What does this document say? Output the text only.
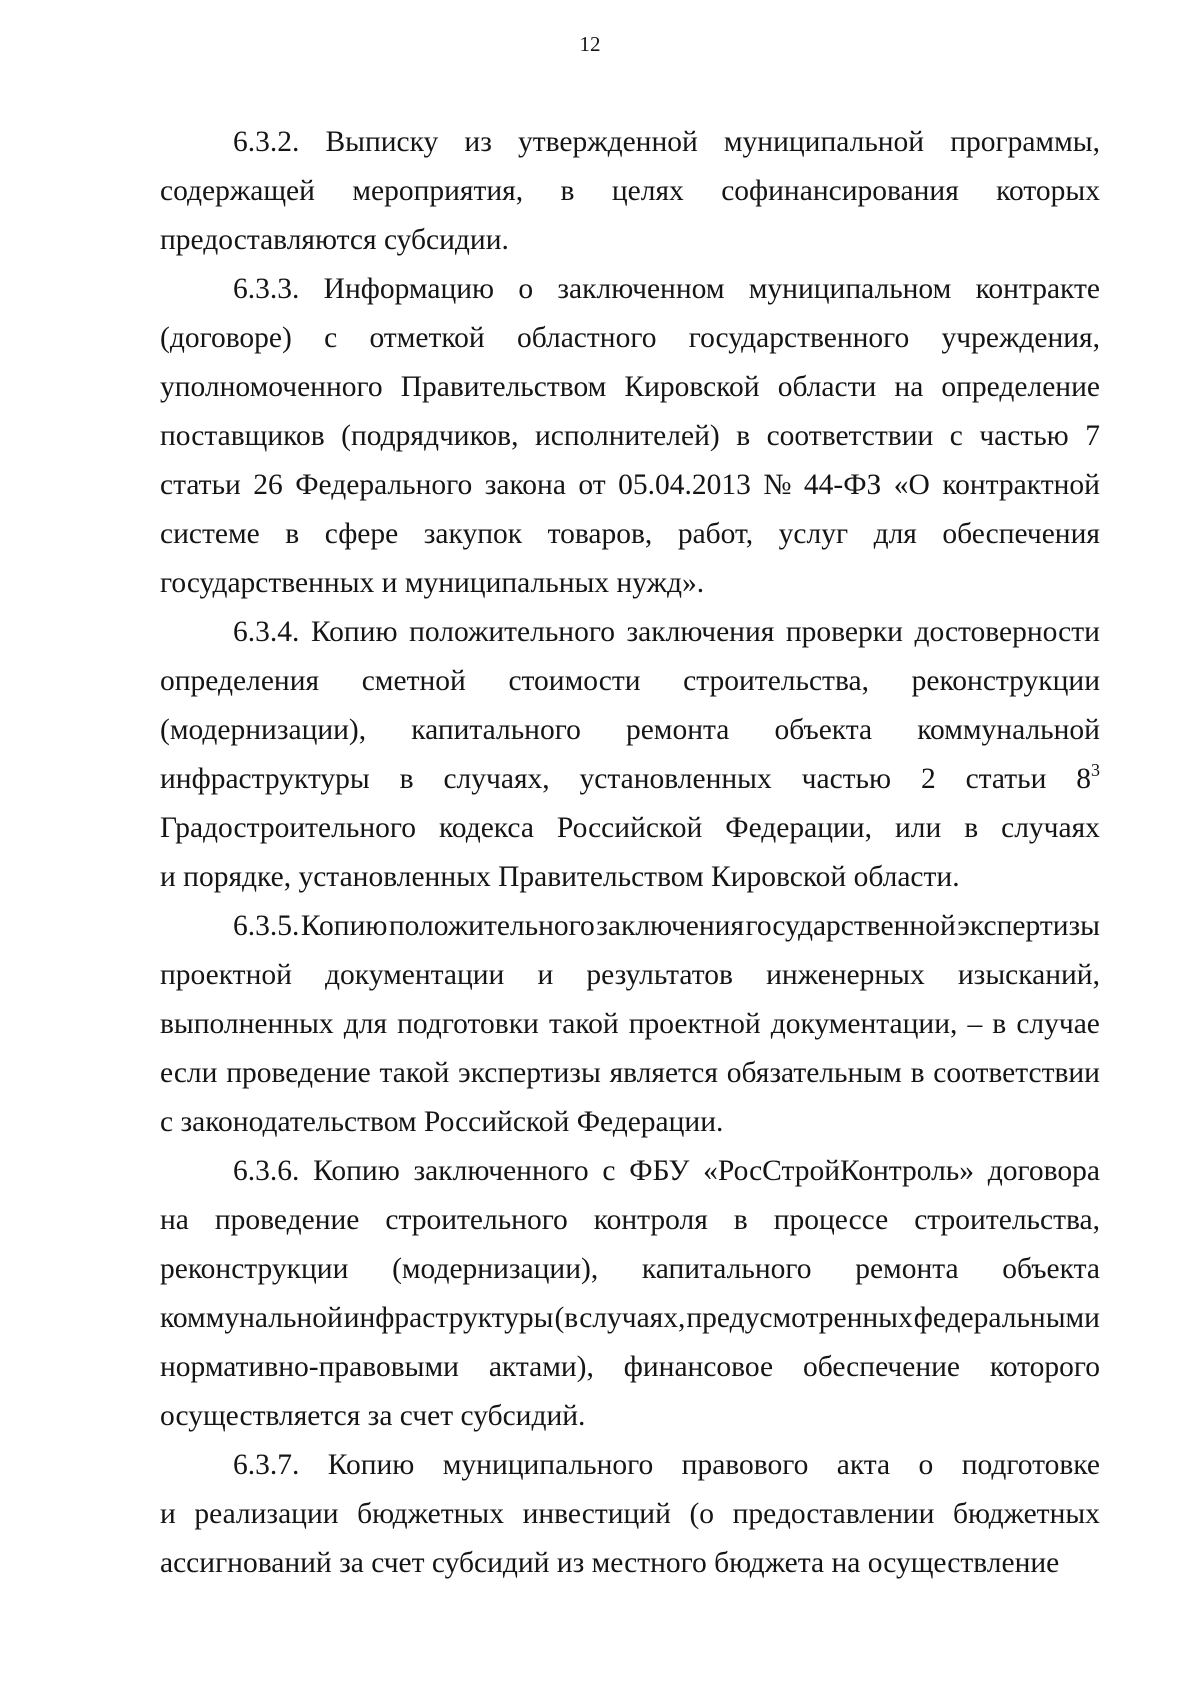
12
6.3.2. Выписку из утвержденной муниципальной программы,
содержащей мероприятия, в целях софинансирования которых
предоставляются субсидии.
6.3.3. Информацию о заключенном муниципальном контракте
(договоре) с отметкой областного государственного учреждения,
уполномоченного Правительством Кировской области на определение
поставщиков (подрядчиков, исполнителей) в соответствии с частью 7
статьи 26 Федерального закона от 05.04.2013 № 44-ФЗ «О контрактной
системе в сфере закупок товаров, работ, услуг для обеспечения
государственных и муниципальных нужд».
6.3.4. Копию положительного заключения проверки достоверности
определения сметной стоимости строительства, реконструкции
(модернизации), капитального ремонта объекта коммунальной
инфраструктуры в случаях, установленных частью 2 статьи $8^3$
Градостроительного кодекса Российской Федерации, или в случаях
и порядке, установленных Правительством Кировской области.
6.3.5. Копию положительного заключения государственной экспертизы
проектной документации и результатов инженерных изысканий,
выполненных для подготовки такой проектной документации, – в случае
если проведение такой экспертизы является обязательным в соответствии
с законодательством Российской Федерации.
6.3.6. Копию заключенного с ФБУ «РосСтройКонтроль» договора
на проведение строительного контроля в процессе строительства,
реконструкции (модернизации), капитального ремонта объекта
коммунальной инфраструктуры (в случаях, предусмотренных федеральными
нормативно-правовыми актами), финансовое обеспечение которого
осуществляется за счет субсидий.
6.3.7. Копию муниципального правового акта о подготовке
и реализации бюджетных инвестиций (о предоставлении бюджетных
ассигнований за счет субсидий из местного бюджета на осуществление
